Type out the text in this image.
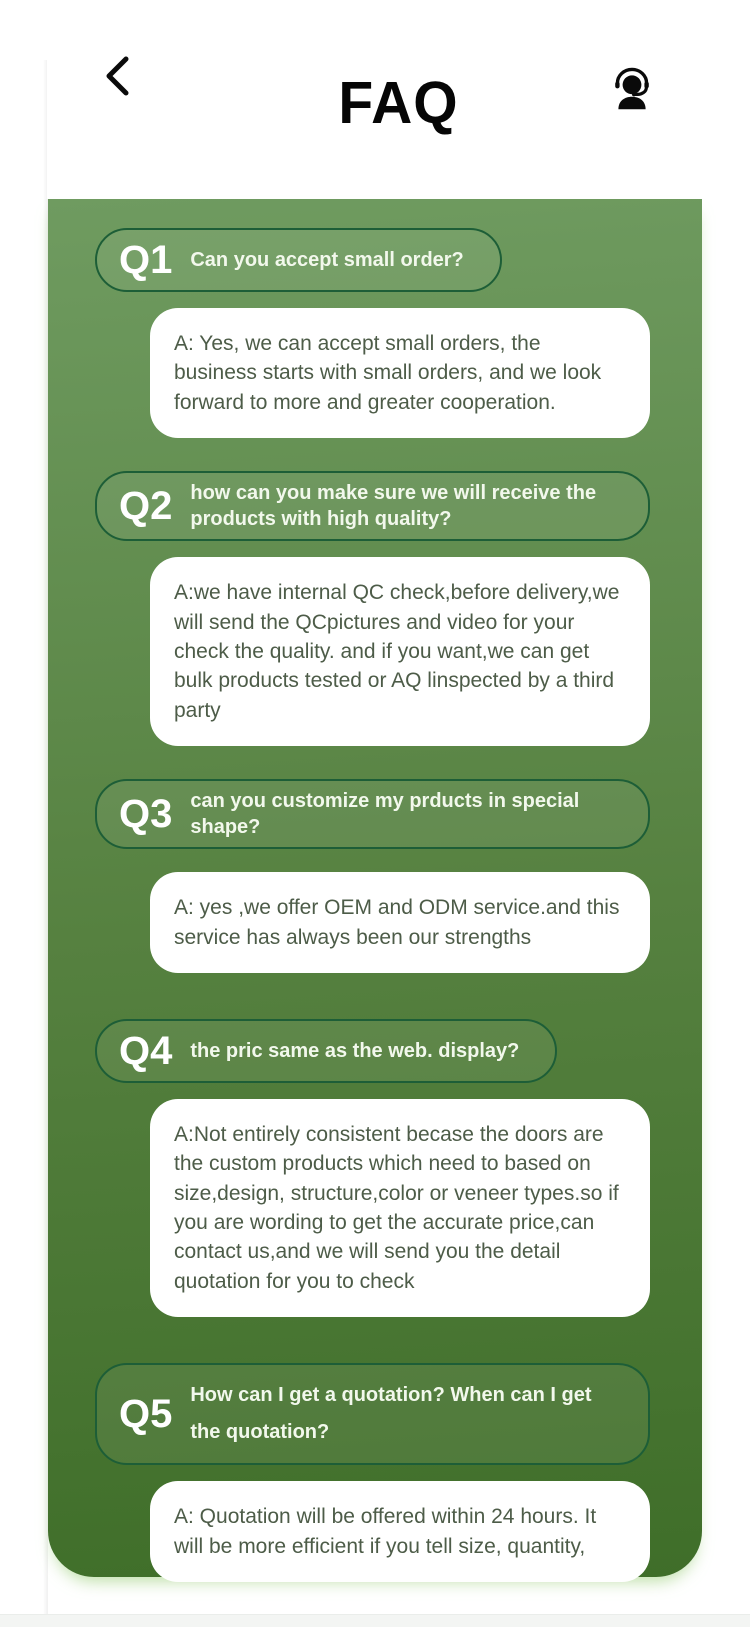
FAQ
Q1 Can you accept small order?

A: Yes, we can accept small orders, the business starts with small orders, and we look forward to more and greater cooperation.

Q2 how can you make sure we will receive the products with high quality?

A:we have internal QC check,before delivery,we will send the QCpictures and video for your check the quality. and if you want,we can get bulk products tested or AQ linspected by a third party

Q3 can you customize my prducts in special shape?

A: yes ,we offer OEM and ODM service.and this service has always been our strengths

Q4 the pric same as the web. display?

A:Not entirely consistent becase the doors are the custom products which need to based on size,design, structure,color or veneer types.so if you are wording to get the accurate price,can contact us,and we will send you the detail quotation for you to check

Q5 How can I get a quotation? When can I get the quotation?

A: Quotation will be offered within 24 hours. It will be more efficient if you tell size, quantity,
